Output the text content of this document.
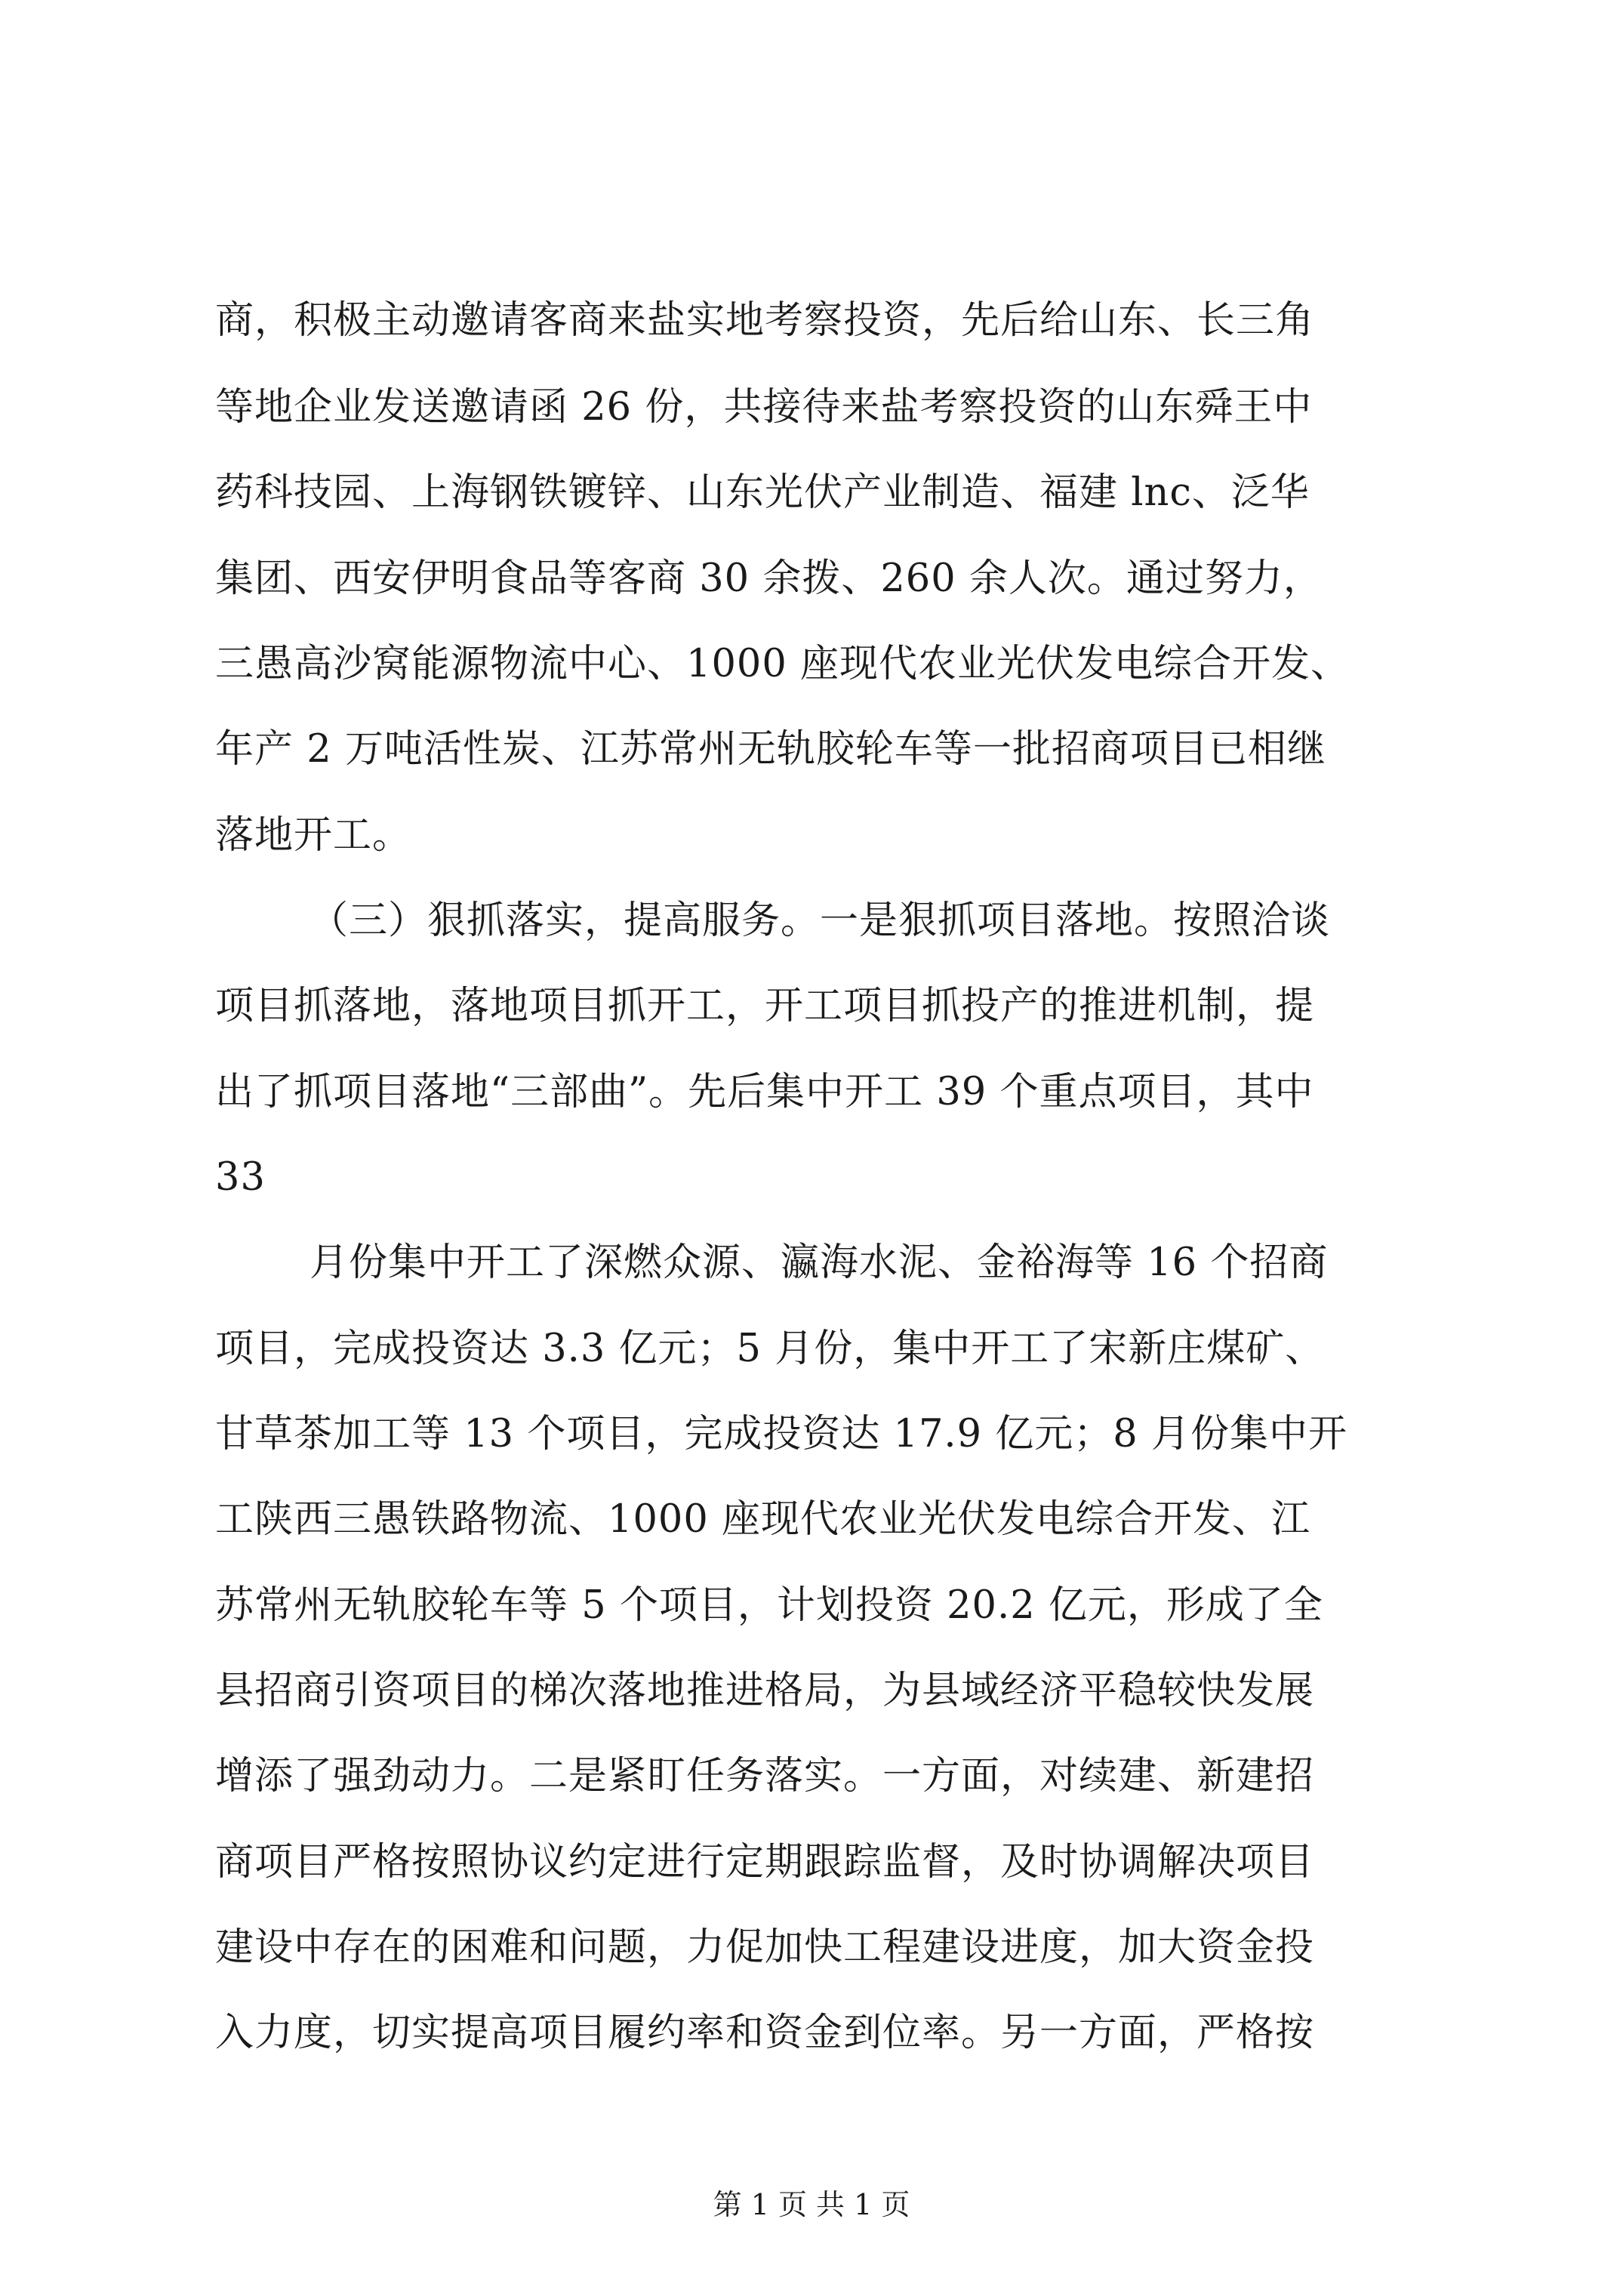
商，积极主动邀请客商来盐实地考察投资，先后给山东、长三角
等地企业发送邀请函 26 份，共接待来盐考察投资的山东舜王中
药科技园、上海钢铁镀锌、山东光伏产业制造、福建 lnc、泛华
集团、西安伊明食品等客商 30 余拨、260 余人次。通过努力，
三愚高沙窝能源物流中心、1000 座现代农业光伏发电综合开发、
年产 2 万吨活性炭、江苏常州无轨胶轮车等一批招商项目已相继
落地开工。
（三）狠抓落实，提高服务。一是狠抓项目落地。按照洽谈
项目抓落地，落地项目抓开工，开工项目抓投产的推进机制，提
出了抓项目落地“三部曲”。先后集中开工 39 个重点项目，其中
33
月份集中开工了深燃众源、瀛海水泥、金裕海等 16 个招商
项目，完成投资达 3.3 亿元；5 月份，集中开工了宋新庄煤矿、
甘草茶加工等 13 个项目，完成投资达 17.9 亿元；8 月份集中开
工陕西三愚铁路物流、1000 座现代农业光伏发电综合开发、江
苏常州无轨胶轮车等 5 个项目，计划投资 20.2 亿元，形成了全
县招商引资项目的梯次落地推进格局，为县域经济平稳较快发展
增添了强劲动力。二是紧盯任务落实。一方面，对续建、新建招
商项目严格按照协议约定进行定期跟踪监督，及时协调解决项目
建设中存在的困难和问题，力促加快工程建设进度，加大资金投
入力度，切实提高项目履约率和资金到位率。另一方面，严格按
第 1 页 共 1 页
